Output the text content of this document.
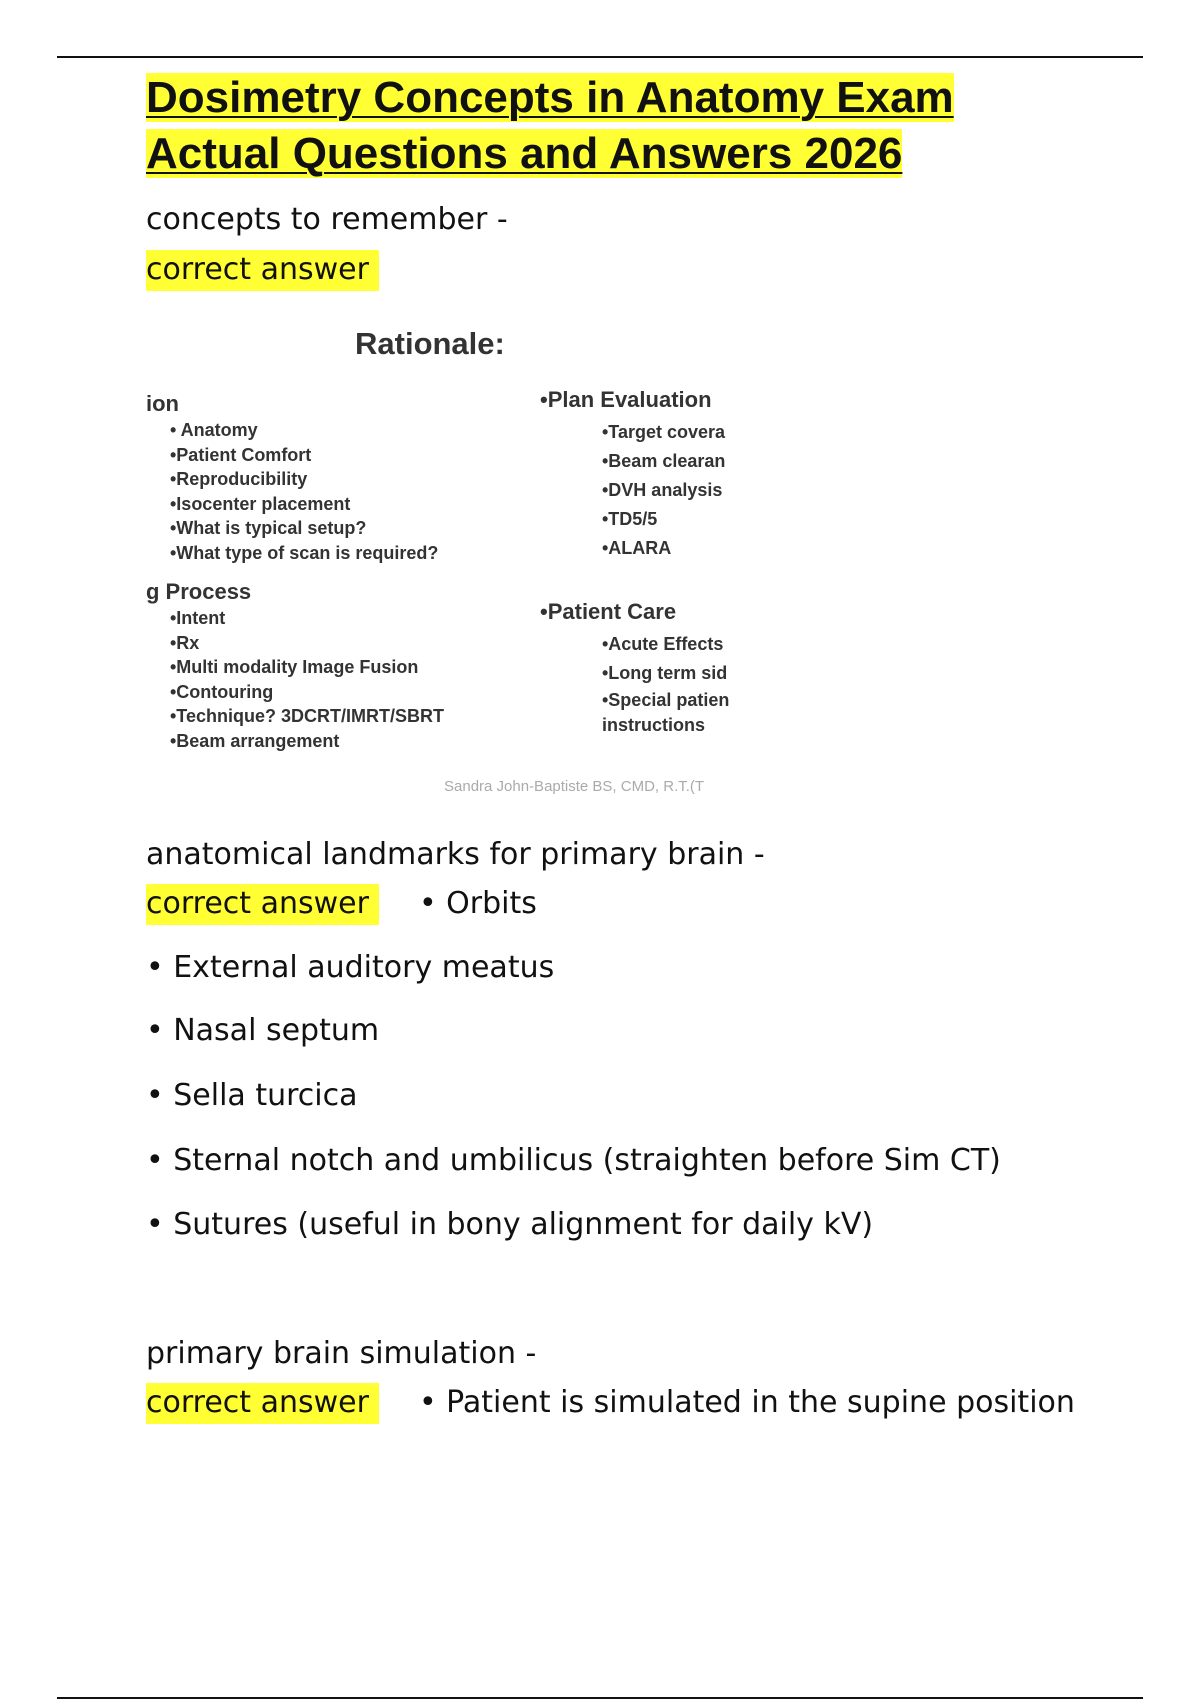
Dosimetry Concepts in Anatomy Exam Actual Questions and Answers 2026

concepts to remember -

correct answer

Rationale:
ion
• Anatomy
•Patient Comfort
•Reproducibility
•Isocenter placement
•What is typical setup?
•What type of scan is required?
g Process
•Intent
•Rx
•Multi modality Image Fusion
•Contouring
•Technique? 3DCRT/IMRT/SBRT
•Beam arrangement
•Plan Evaluation
•Target covera
•Beam clearan
•DVH analysis
•TD5/5
•ALARA
•Patient Care
•Acute Effects
•Long term sid
•Special patien
instructions
Sandra John-Baptiste BS, CMD, R.T.(T

anatomical landmarks for primary brain -

correct answer • Orbits

• External auditory meatus

• Nasal septum

• Sella turcica

• Sternal notch and umbilicus (straighten before Sim CT)

• Sutures (useful in bony alignment for daily kV)

primary brain simulation -

correct answer • Patient is simulated in the supine position
